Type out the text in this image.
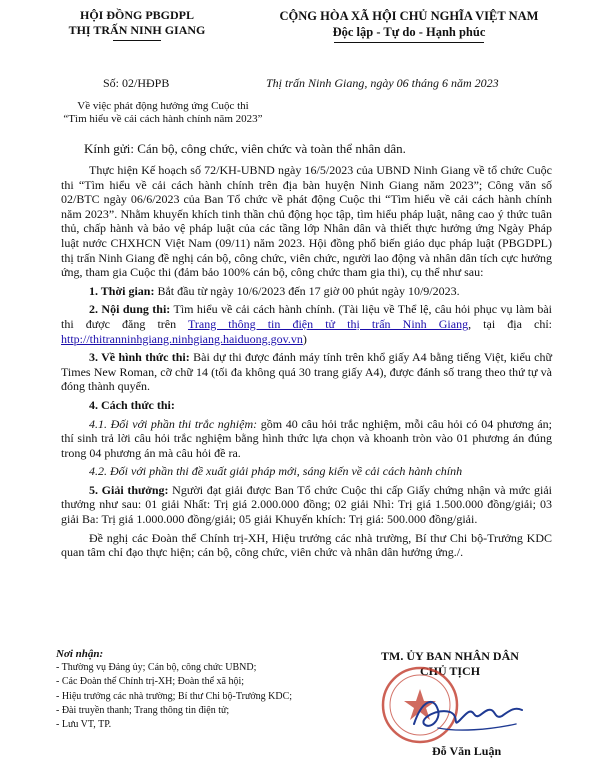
HỘI ĐỒNG PBGDPL
THỊ TRẤN NINH GIANG
CỘNG HÒA XÃ HỘI CHỦ NGHĨA VIỆT NAM
Độc lập - Tự do - Hạnh phúc
Số: 02/HĐPB	Thị trấn Ninh Giang, ngày 06 tháng 6 năm 2023
Về việc phát động hưởng ứng Cuộc thi
“Tìm hiểu về cải cách hành chính năm 2023”
Kính gửi: Cán bộ, công chức, viên chức và toàn thể nhân dân.

Thực hiện Kế hoạch số 72/KH-UBND ngày 16/5/2023 của UBND Ninh Giang về tổ chức Cuộc thi “Tìm hiểu về cải cách hành chính trên địa bàn huyện Ninh Giang năm 2023”; Công văn số 02/BTC ngày 06/6/2023 của Ban Tổ chức về phát động Cuộc thi “Tìm hiểu về cải cách hành chính năm 2023”. Nhằm khuyến khích tinh thần chủ động học tập, tìm hiểu pháp luật, nâng cao ý thức tuân thủ, chấp hành và bảo vệ pháp luật của các tầng lớp Nhân dân và thiết thực hưởng ứng Ngày Pháp luật nước CHXHCN Việt Nam (09/11) năm 2023. Hội đồng phổ biến giáo dục pháp luật (PBGDPL) thị trấn Ninh Giang đề nghị cán bộ, công chức, viên chức, người lao động và nhân dân tích cực hưởng ứng, tham gia Cuộc thi (đảm bảo 100% cán bộ, công chức tham gia thi), cụ thể như sau:

1. Thời gian: Bắt đầu từ ngày 10/6/2023 đến 17 giờ 00 phút ngày 10/9/2023.

2. Nội dung thi: Tìm hiểu về cải cách hành chính. (Tài liệu về Thể lệ, câu hỏi phục vụ làm bài thi được đăng trên Trang thông tin điện tử thị trấn Ninh Giang, tại địa chỉ: http://thitranninhgiang.ninhgiang.haiduong.gov.vn)

3. Về hình thức thi: Bài dự thi được đánh máy tính trên khổ giấy A4 bằng tiếng Việt, kiểu chữ Times New Roman, cỡ chữ 14 (tối đa không quá 30 trang giấy A4), được đánh số trang theo thứ tự và đóng thành quyển.

4. Cách thức thi:

4.1. Đối với phần thi trắc nghiệm: gồm 40 câu hỏi trắc nghiệm, mỗi câu hỏi có 04 phương án; thí sinh trả lời câu hỏi trắc nghiệm bằng hình thức lựa chọn và khoanh tròn vào 01 phương án đúng trong 04 phương án mà câu hỏi đề ra.

4.2. Đối với phần thi đề xuất giải pháp mới, sáng kiến về cải cách hành chính

5. Giải thưởng: Người đạt giải được Ban Tổ chức Cuộc thi cấp Giấy chứng nhận và mức giải thưởng như sau: 01 giải Nhất: Trị giá 2.000.000 đồng; 02 giải Nhì: Trị giá 1.500.000 đồng/giải; 03 giải Ba: Trị giá 1.000.000 đồng/giải; 05 giải Khuyến khích: Trị giá: 500.000 đồng/giải.

Đề nghị các Đoàn thể Chính trị-XH, Hiệu trưởng các nhà trường, Bí thư Chi bộ-Trưởng KDC quan tâm chỉ đạo thực hiện; cán bộ, công chức, viên chức và nhân dân hưởng ứng./.

Nơi nhận:
- Thường vụ Đảng ủy; Cán bộ, công chức UBND;
- Các Đoàn thể Chính trị-XH; Đoàn thể xã hội;
- Hiệu trưởng các nhà trường; Bí thư Chi bộ-Trưởng KDC;
- Đài truyền thanh; Trang thông tin điện tử;
- Lưu VT, TP.
TM. ỦY BAN NHÂN DÂN
CHỦ TỊCH
Đỗ Văn Luận
